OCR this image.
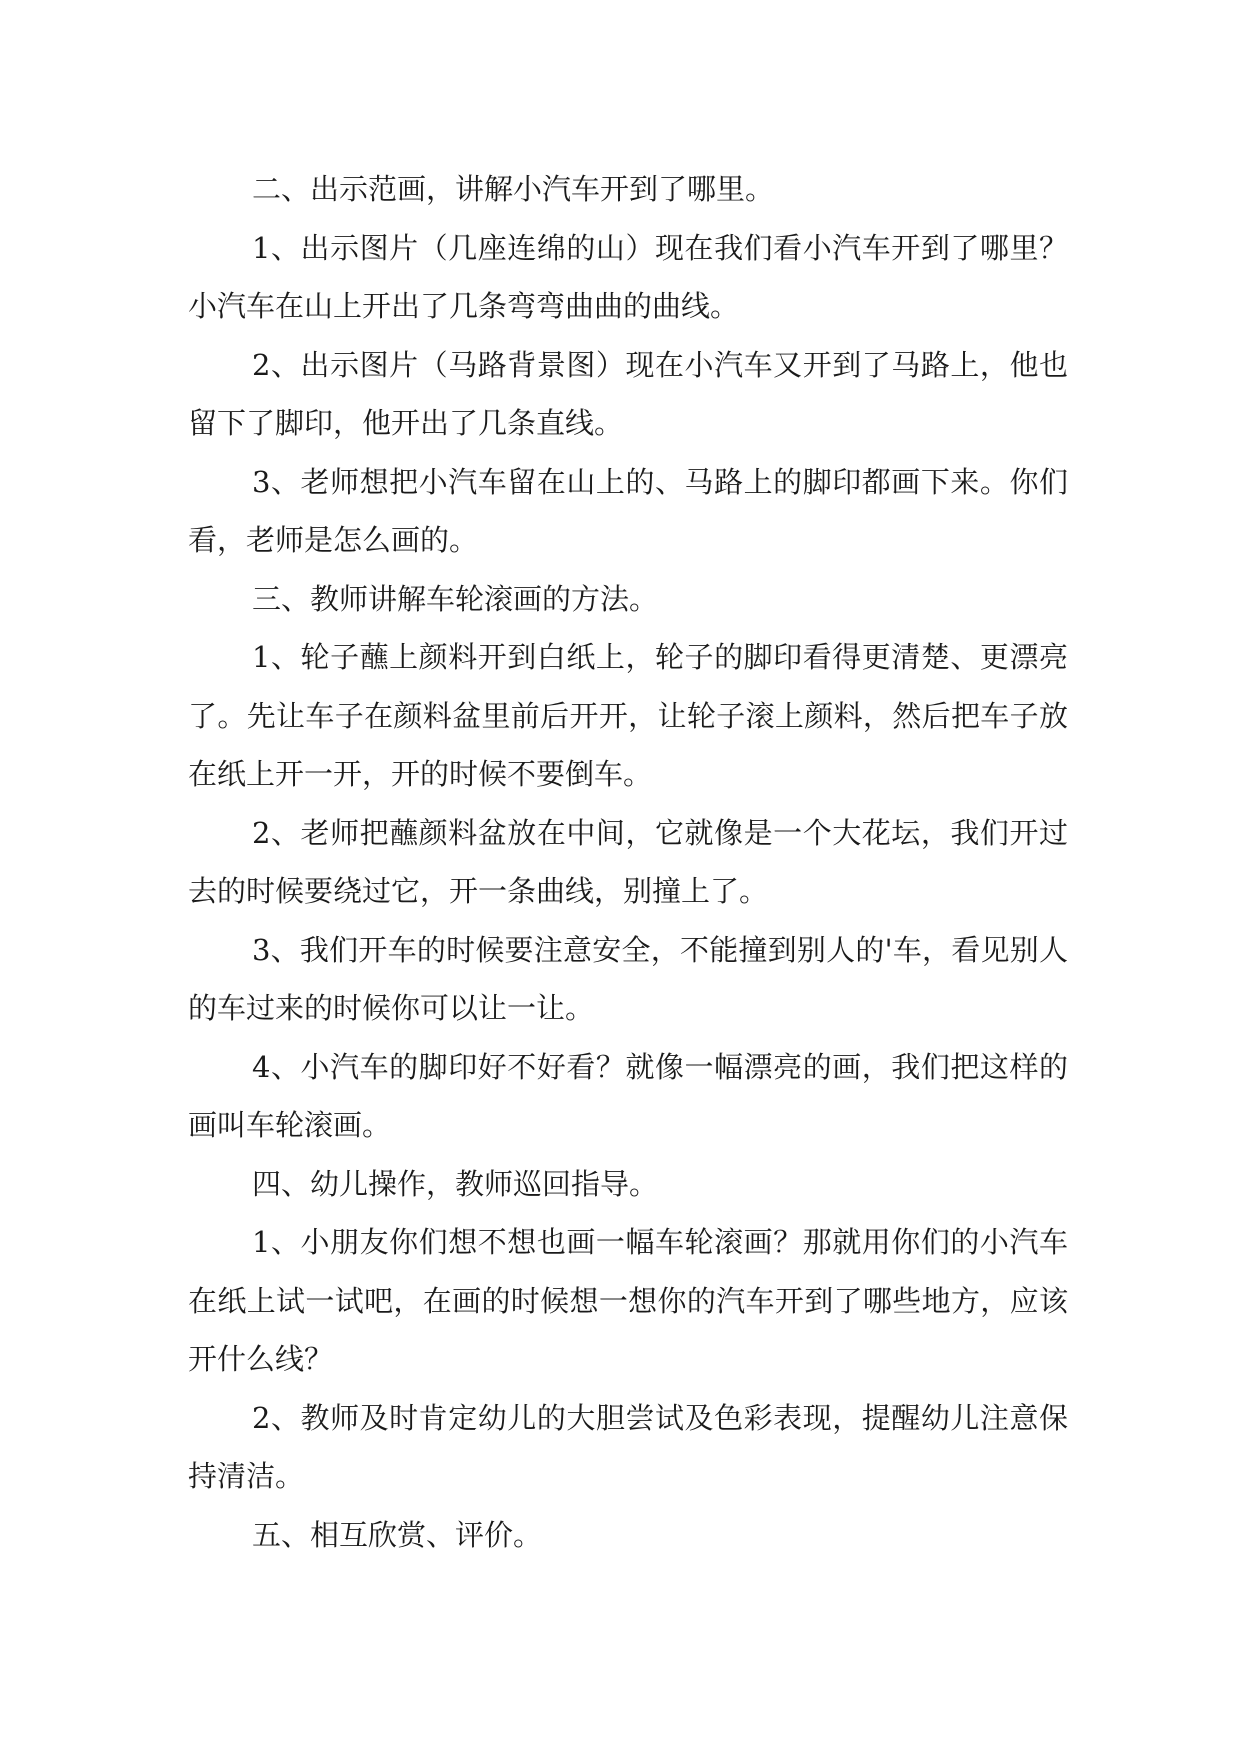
二、出示范画，讲解小汽车开到了哪里。

1、出示图片（几座连绵的山）现在我们看小汽车开到了哪里？小汽车在山上开出了几条弯弯曲曲的曲线。

2、出示图片（马路背景图）现在小汽车又开到了马路上，他也留下了脚印，他开出了几条直线。

3、老师想把小汽车留在山上的、马路上的脚印都画下来。你们看，老师是怎么画的。

三、教师讲解车轮滚画的方法。

1、轮子蘸上颜料开到白纸上，轮子的脚印看得更清楚、更漂亮了。先让车子在颜料盆里前后开开，让轮子滚上颜料，然后把车子放在纸上开一开，开的时候不要倒车。

2、老师把蘸颜料盆放在中间，它就像是一个大花坛，我们开过去的时候要绕过它，开一条曲线，别撞上了。

3、我们开车的时候要注意安全，不能撞到别人的'车，看见别人的车过来的时候你可以让一让。

4、小汽车的脚印好不好看？就像一幅漂亮的画，我们把这样的画叫车轮滚画。

四、幼儿操作，教师巡回指导。

1、小朋友你们想不想也画一幅车轮滚画？那就用你们的小汽车在纸上试一试吧，在画的时候想一想你的汽车开到了哪些地方，应该开什么线？

2、教师及时肯定幼儿的大胆尝试及色彩表现，提醒幼儿注意保持清洁。

五、相互欣赏、评价。
